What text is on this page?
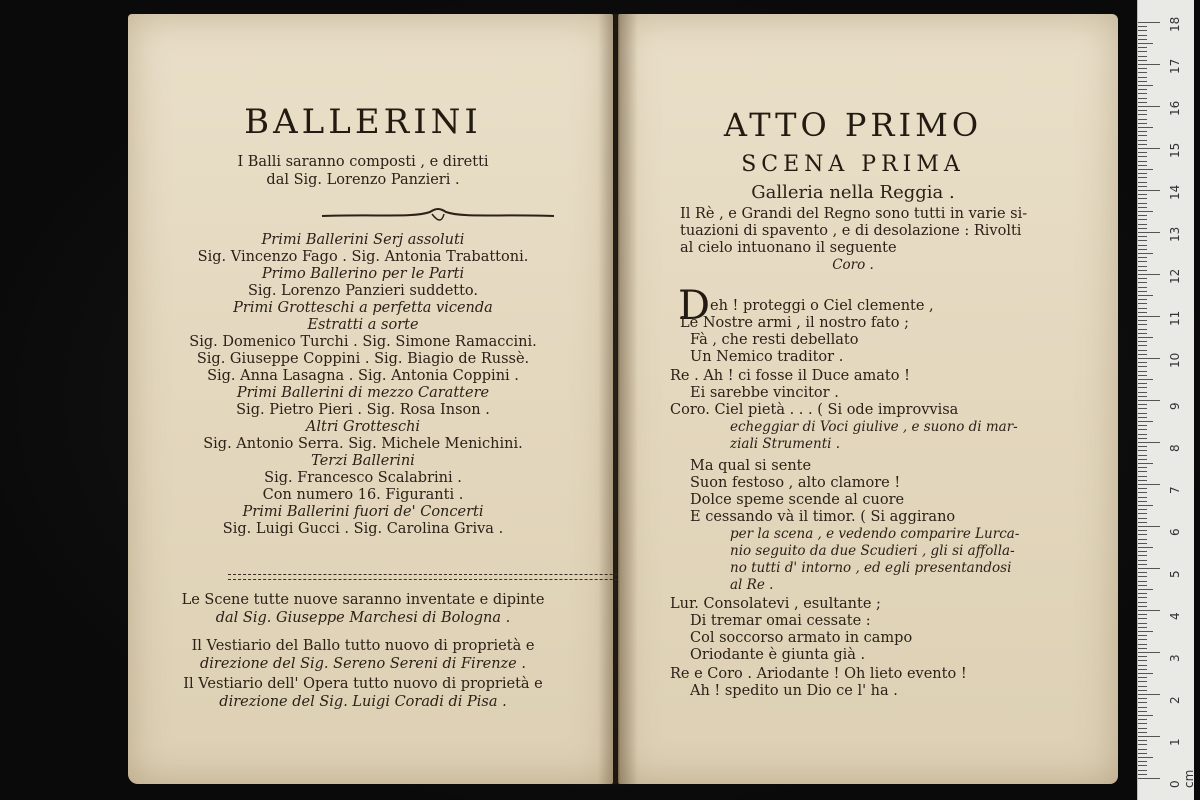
BALLERINI
I Balli saranno composti , e diretti
dal Sig. Lorenzo Panzieri .
Primi Ballerini Serj assoluti
Sig. Vincenzo Fago . Sig. Antonia Trabattoni.
Primo Ballerino per le Parti
Sig. Lorenzo Panzieri suddetto.
Primi Grotteschi a perfetta vicenda
Estratti a sorte
Sig. Domenico Turchi . Sig. Simone Ramaccini.
Sig. Giuseppe Coppini . Sig. Biagio de Russè.
Sig. Anna Lasagna . Sig. Antonia Coppini .
Primi Ballerini di mezzo Carattere
Sig. Pietro Pieri . Sig. Rosa Inson .
Altri Grotteschi
Sig. Antonio Serra. Sig. Michele Menichini.
Terzi Ballerini
Sig. Francesco Scalabrini .
Con numero 16. Figuranti .
Primi Ballerini fuori de' Concerti
Sig. Luigi Gucci . Sig. Carolina Griva .
Le Scene tutte nuove saranno inventate e dipinte
dal Sig. Giuseppe Marchesi di Bologna .
Il Vestiario del Ballo tutto nuovo di proprietà e
direzione del Sig. Sereno Sereni di Firenze .
Il Vestiario dell' Opera tutto nuovo di proprietà e
direzione del Sig. Luigi Coradi di Pisa .
ATTO PRIMO
SCENA PRIMA
Galleria nella Reggia .
D
Il Rè , e Grandi del Regno sono tutti in varie si-
tuazioni di spavento , e di desolazione : Rivolti
al cielo intuonano il seguente
Coro .
eh ! proteggi o Ciel clemente ,
Le Nostre armi , il nostro fato ;
Fà , che resti debellato
Un Nemico traditor .
Re . Ah ! ci fosse il Duce amato !
Ei sarebbe vincitor .
Coro. Ciel pietà . . . ( Si ode improvvisa
echeggiar di Voci giulive , e suono di mar-
ziali Strumenti .
Ma qual si sente
Suon festoso , alto clamore !
Dolce speme scende al cuore
E cessando và il timor. ( Si aggirano
per la scena , e vedendo comparire Lurca-
nio seguito da due Scudieri , gli si affolla-
no tutti d' intorno , ed egli presentandosi
al Re .
Lur. Consolatevi , esultante ;
Di tremar omai cessate :
Col soccorso armato in campo
Oriodante è giunta già .
Re e Coro . Ariodante ! Oh lieto evento !
Ah ! spedito un Dio ce l' ha .
18
17
16
15
14
13
12
11
10
9
8
7
6
5
4
3
2
1
0 cm
